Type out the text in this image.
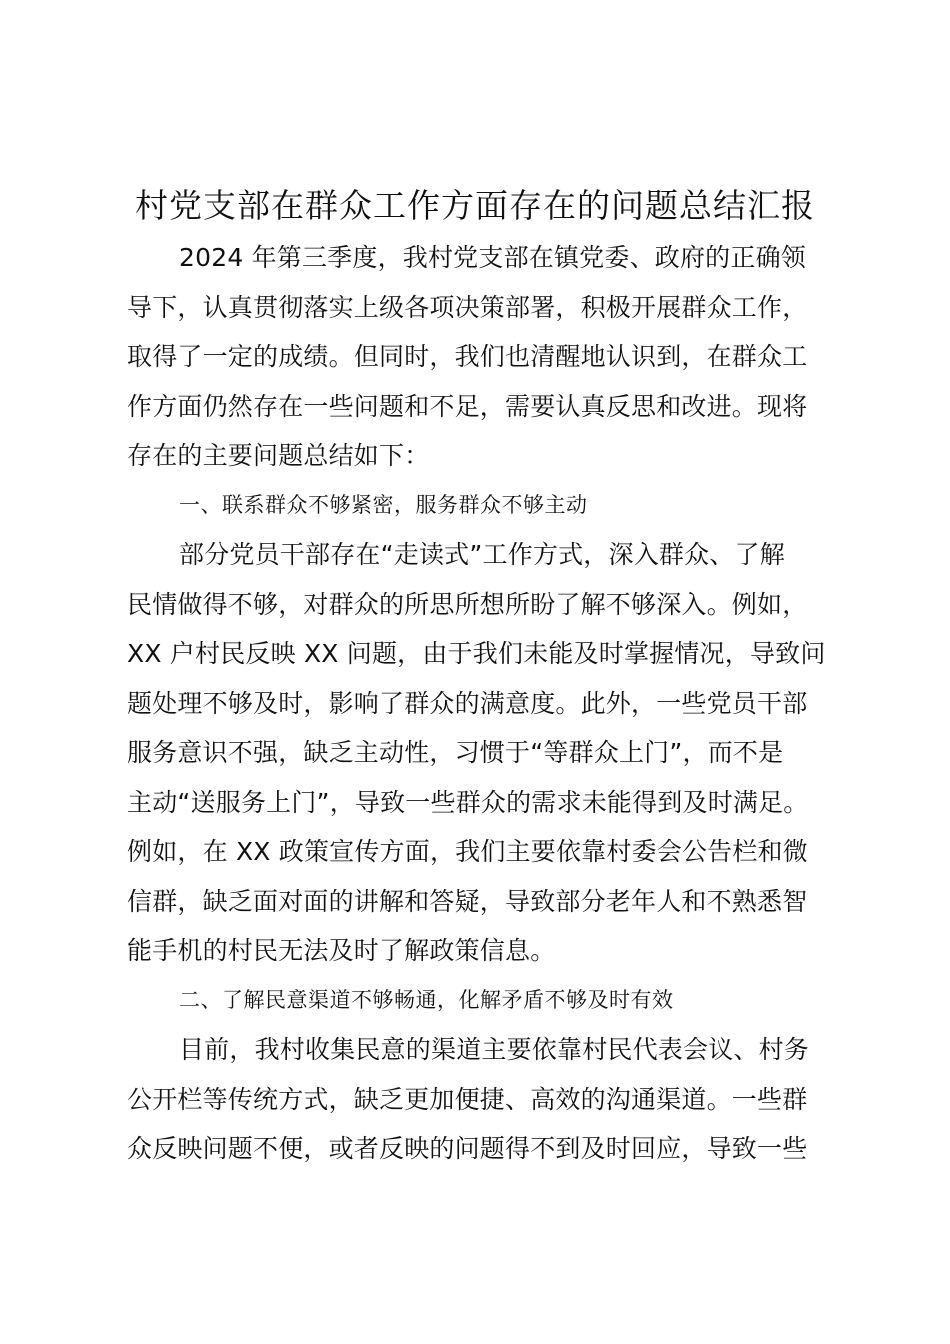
村党支部在群众工作方面存在的问题总结汇报
2024 年第三季度，我村党支部在镇党委、政府的正确领
导下，认真贯彻落实上级各项决策部署，积极开展群众工作，
取得了一定的成绩。但同时，我们也清醒地认识到，在群众工
作方面仍然存在一些问题和不足，需要认真反思和改进。现将
存在的主要问题总结如下：
一、联系群众不够紧密，服务群众不够主动
部分党员干部存在“走读式”工作方式，深入群众、了解
民情做得不够，对群众的所思所想所盼了解不够深入。例如，
XX 户村民反映 XX 问题，由于我们未能及时掌握情况，导致问
题处理不够及时，影响了群众的满意度。此外，一些党员干部
服务意识不强，缺乏主动性，习惯于“等群众上门”，而不是
主动“送服务上门”，导致一些群众的需求未能得到及时满足。
例如，在 XX 政策宣传方面，我们主要依靠村委会公告栏和微
信群，缺乏面对面的讲解和答疑，导致部分老年人和不熟悉智
能手机的村民无法及时了解政策信息。
二、了解民意渠道不够畅通，化解矛盾不够及时有效
目前，我村收集民意的渠道主要依靠村民代表会议、村务
公开栏等传统方式，缺乏更加便捷、高效的沟通渠道。一些群
众反映问题不便，或者反映的问题得不到及时回应，导致一些
